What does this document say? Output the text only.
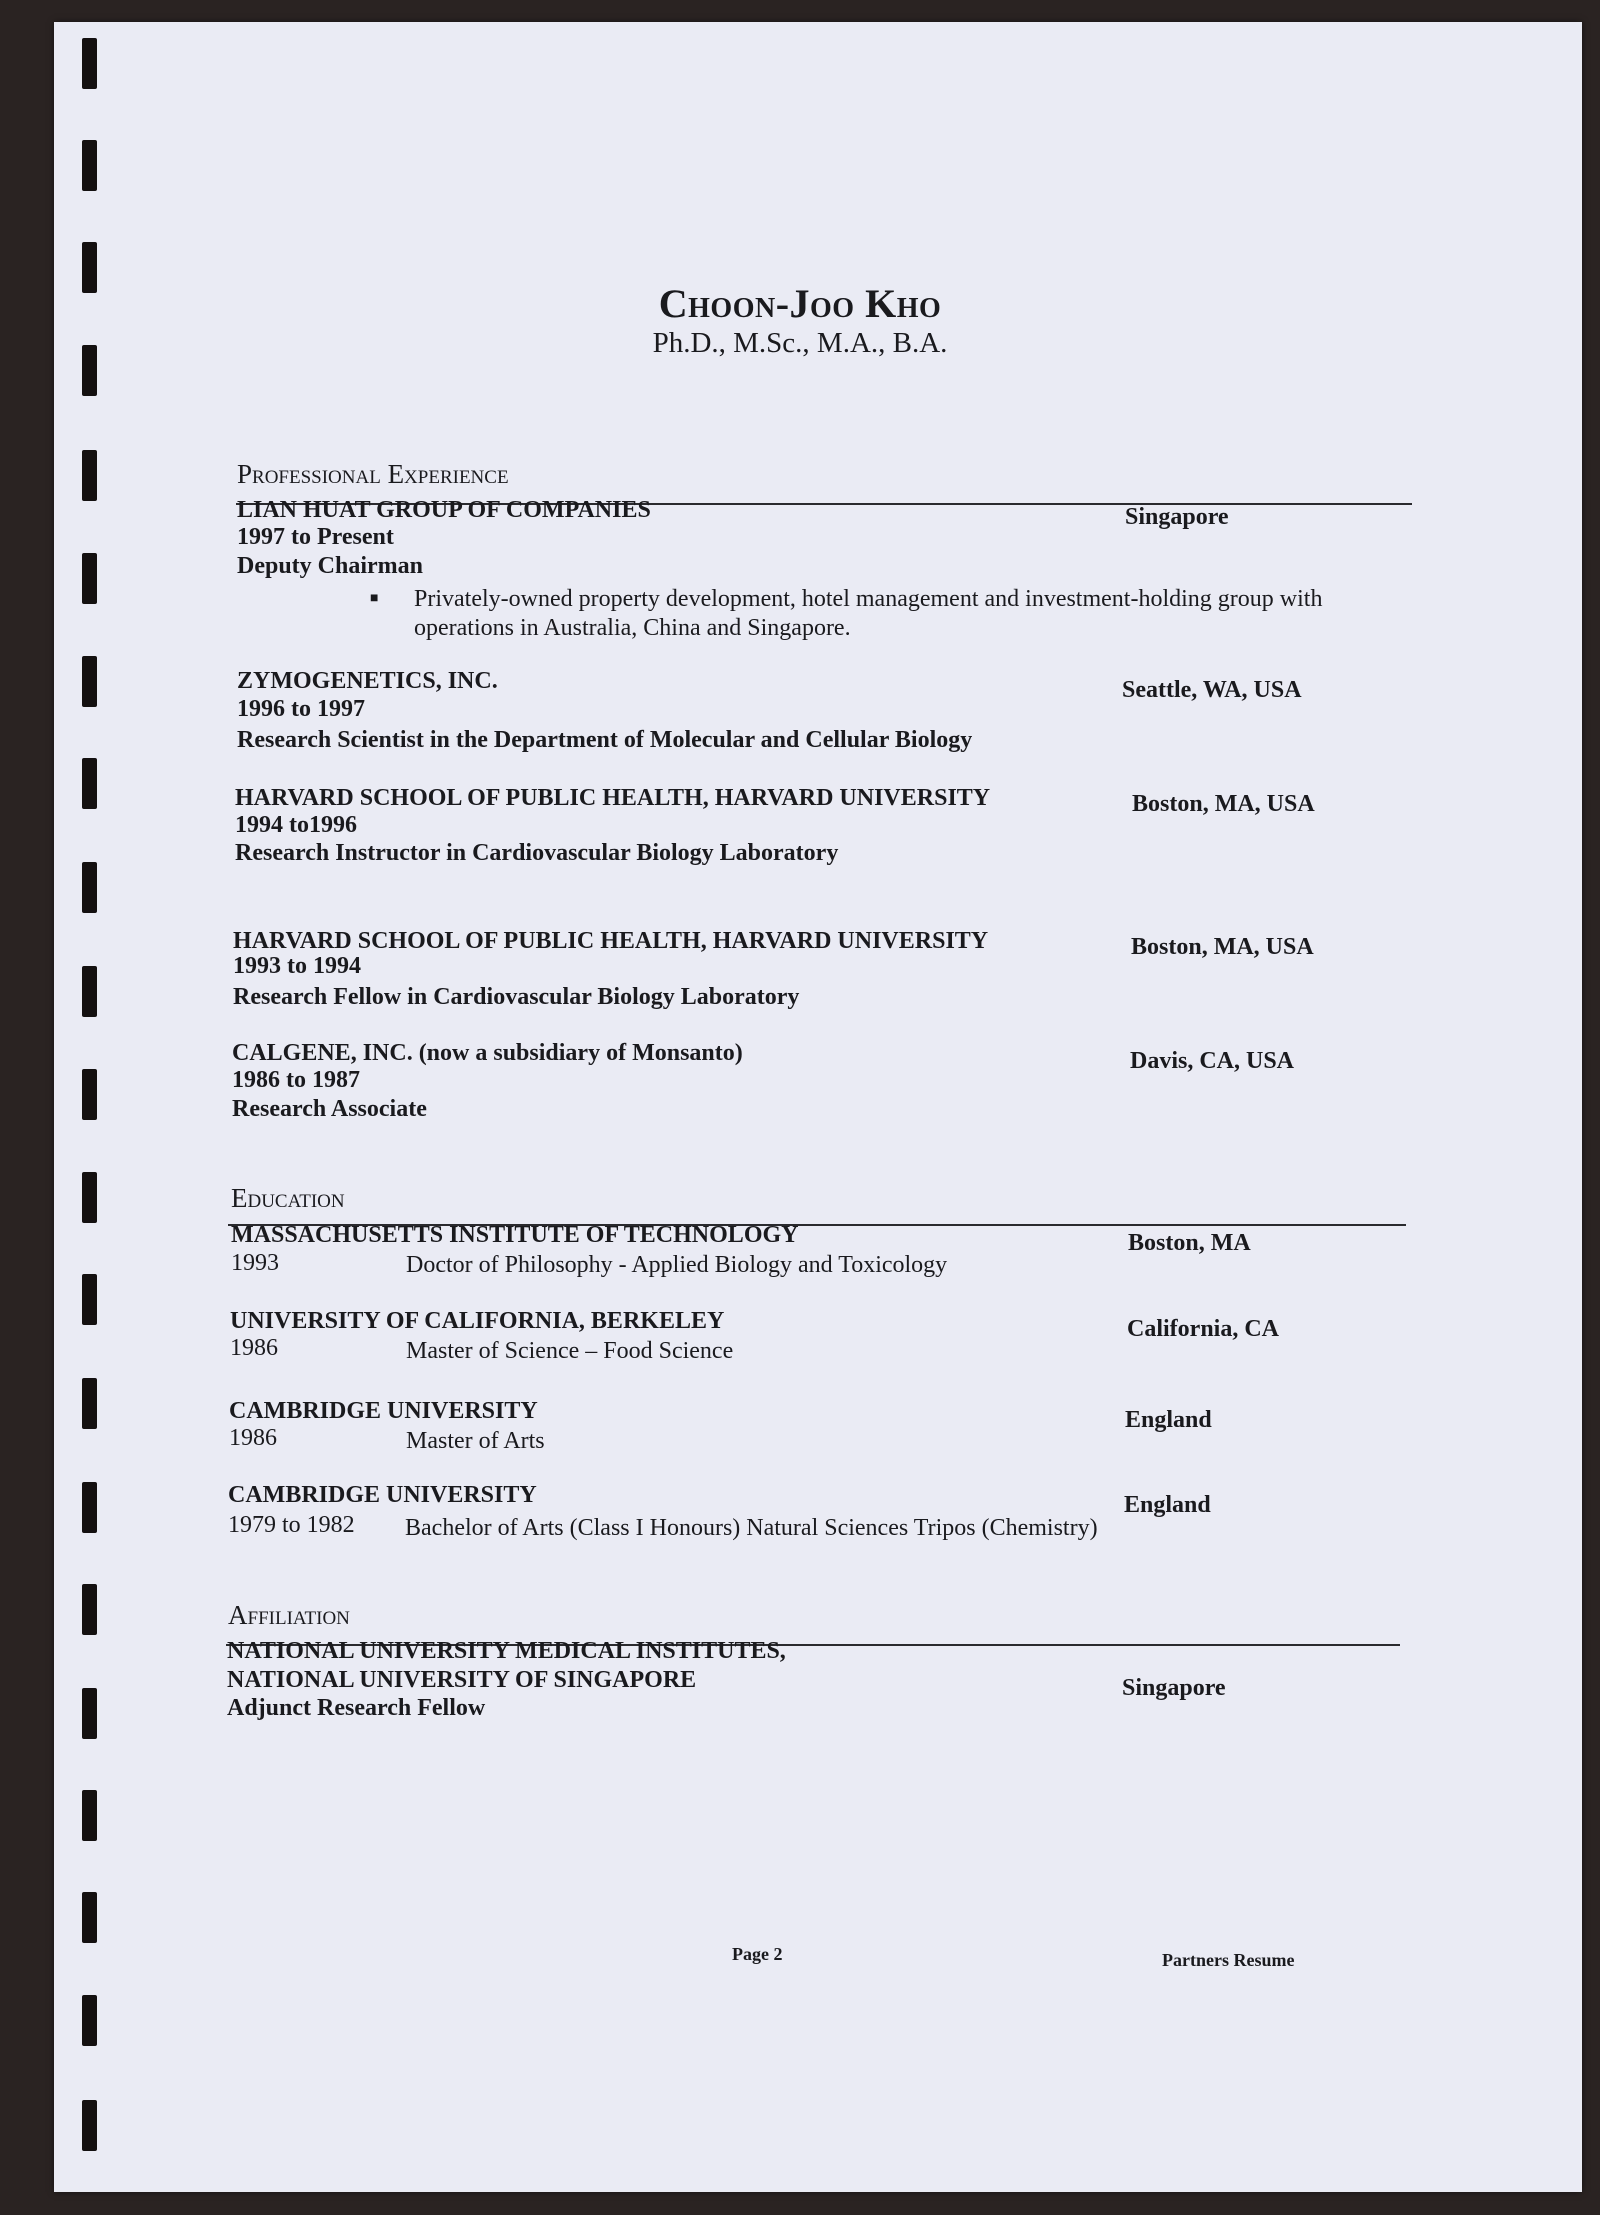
Choon-Joo Kho
Ph.D., M.Sc., M.A., B.A.
Professional Experience
LIAN HUAT GROUP OF COMPANIES	Singapore
1997 to Present
Deputy Chairman
■ Privately-owned property development, hotel management and investment-holding group with operations in Australia, China and Singapore.
ZYMOGENETICS, INC.	Seattle, WA, USA
1996 to 1997
Research Scientist in the Department of Molecular and Cellular Biology
HARVARD SCHOOL OF PUBLIC HEALTH, HARVARD UNIVERSITY	Boston, MA, USA
1994 to1996
Research Instructor in Cardiovascular Biology Laboratory
HARVARD SCHOOL OF PUBLIC HEALTH, HARVARD UNIVERSITY	Boston, MA, USA
1993 to 1994
Research Fellow in Cardiovascular Biology Laboratory
CALGENE, INC. (now a subsidiary of Monsanto)	Davis, CA, USA
1986 to 1987
Research Associate
Education
MASSACHUSETTS INSTITUTE OF TECHNOLOGY	Boston, MA
1993	Doctor of Philosophy - Applied Biology and Toxicology
UNIVERSITY OF CALIFORNIA, BERKELEY	California, CA
1986	Master of Science – Food Science
CAMBRIDGE UNIVERSITY	England
1986	Master of Arts
CAMBRIDGE UNIVERSITY	England
1979 to 1982 Bachelor of Arts (Class I Honours) Natural Sciences Tripos (Chemistry)
Affiliation
NATIONAL UNIVERSITY MEDICAL INSTITUTES,
NATIONAL UNIVERSITY OF SINGAPORE	Singapore
Adjunct Research Fellow
Page 2	Partners Resume
